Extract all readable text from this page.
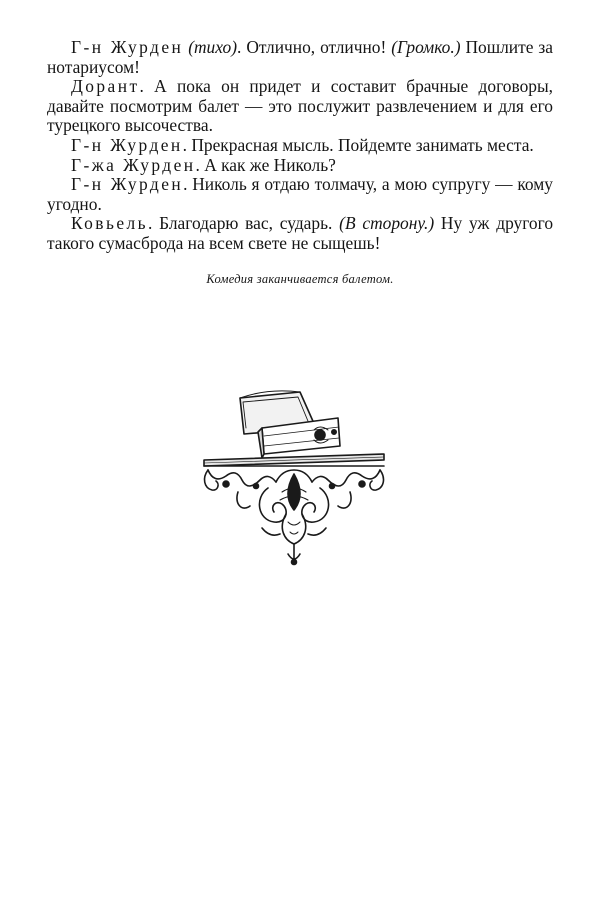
Г-н Журден (тихо). Отлично, отлично! (Громко.) Пошлите за нотариусом!

Дорант. А пока он придет и составит брачные договоры, давайте посмотрим балет — это послужит развлечением и для его турецкого высочества.

Г-н Журден. Прекрасная мысль. Пойдемте занимать места.

Г-жа Журден. А как же Николь?

Г-н Журден. Николь я отдаю толмачу, а мою супругу — кому угодно.

Ковьель. Благодарю вас, сударь. (В сторону.) Ну уж другого такого сумасброда на всем свете не сыщешь!

Комедия заканчивается балетом.
